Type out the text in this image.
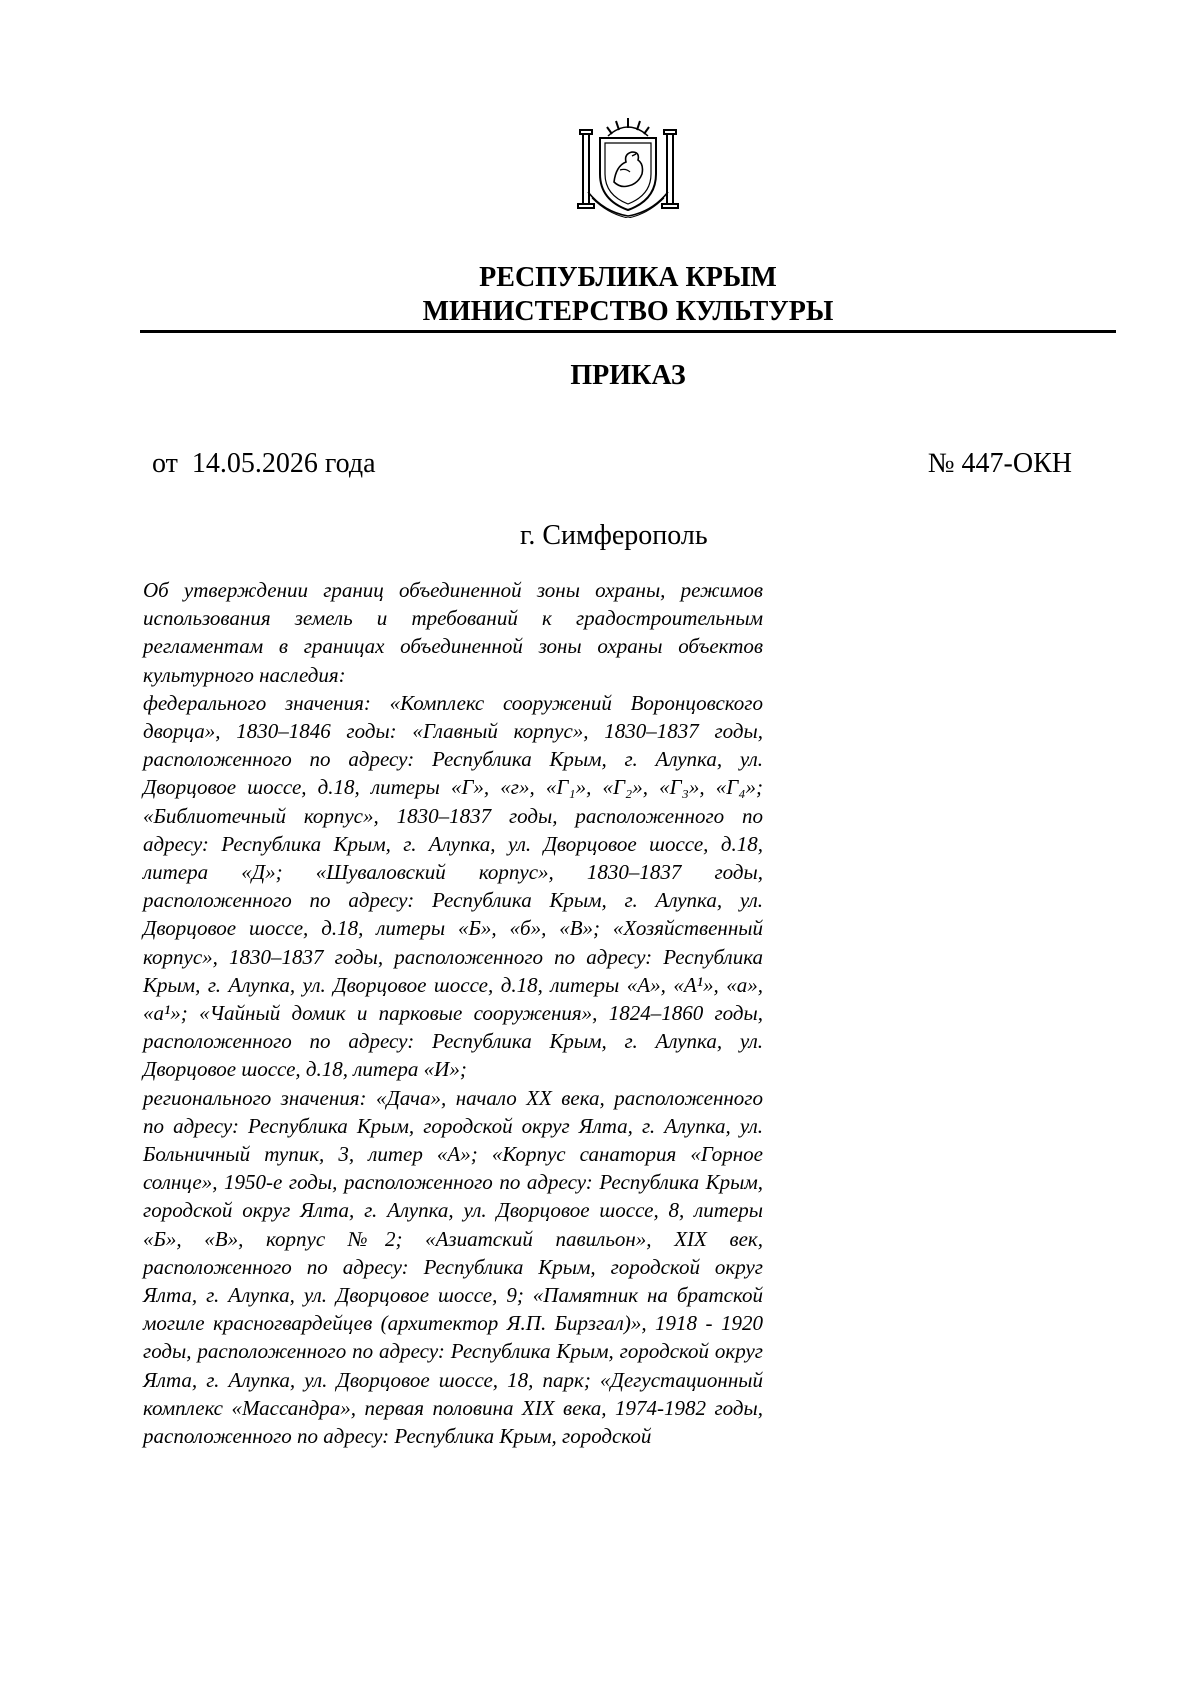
РЕСПУБЛИКА КРЫМ
МИНИСТЕРСТВО КУЛЬТУРЫ
ПРИКАЗ
от  14.05.2026 года	№ 447-ОКН
г. Симферополь

Об утверждении границ объединенной зоны охраны, режимов использования земель и требований к градостроительным регламентам в границах объединенной зоны охраны объектов культурного наследия:

федерального значения: «Комплекс сооружений Воронцовского дворца», 1830–1846 годы: «Главный корпус», 1830–1837 годы, расположенного по адресу: Республика Крым, г. Алупка, ул. Дворцовое шоссе, д.18, литеры «Г», «г», «Г₁», «Г₂», «Г₃», «Г₄»; «Библиотечный корпус», 1830–1837 годы, расположенного по адресу: Республика Крым, г. Алупка, ул. Дворцовое шоссе, д.18, литера «Д»; «Шуваловский корпус», 1830–1837 годы, расположенного по адресу: Республика Крым, г. Алупка, ул. Дворцовое шоссе, д.18, литеры «Б», «б», «В»; «Хозяйственный корпус», 1830–1837 годы, расположенного по адресу: Республика Крым, г. Алупка, ул. Дворцовое шоссе, д.18, литеры «А», «А¹», «а», «а¹»; «Чайный домик и парковые сооружения», 1824–1860 годы, расположенного по адресу: Республика Крым, г. Алупка, ул. Дворцовое шоссе, д.18, литера «И»;

регионального значения: «Дача», начало XX века, расположенного по адресу: Республика Крым, городской округ Ялта, г. Алупка, ул. Больничный тупик, 3, литер «А»; «Корпус санатория «Горное солнце», 1950-е годы, расположенного по адресу: Республика Крым, городской округ Ялта, г. Алупка, ул. Дворцовое шоссе, 8, литеры «Б», «В», корпус №2; «Азиатский павильон», XIX век, расположенного по адресу: Республика Крым, городской округ Ялта, г. Алупка, ул. Дворцовое шоссе, 9; «Памятник на братской могиле красногвардейцев (архитектор Я.П. Бирзгал)», 1918 - 1920 годы, расположенного по адресу: Республика Крым, городской округ Ялта, г. Алупка, ул. Дворцовое шоссе, 18, парк; «Дегустационный комплекс «Массандра», первая половина XIX века, 1974-1982 годы, расположенного по адресу: Республика Крым, городской
